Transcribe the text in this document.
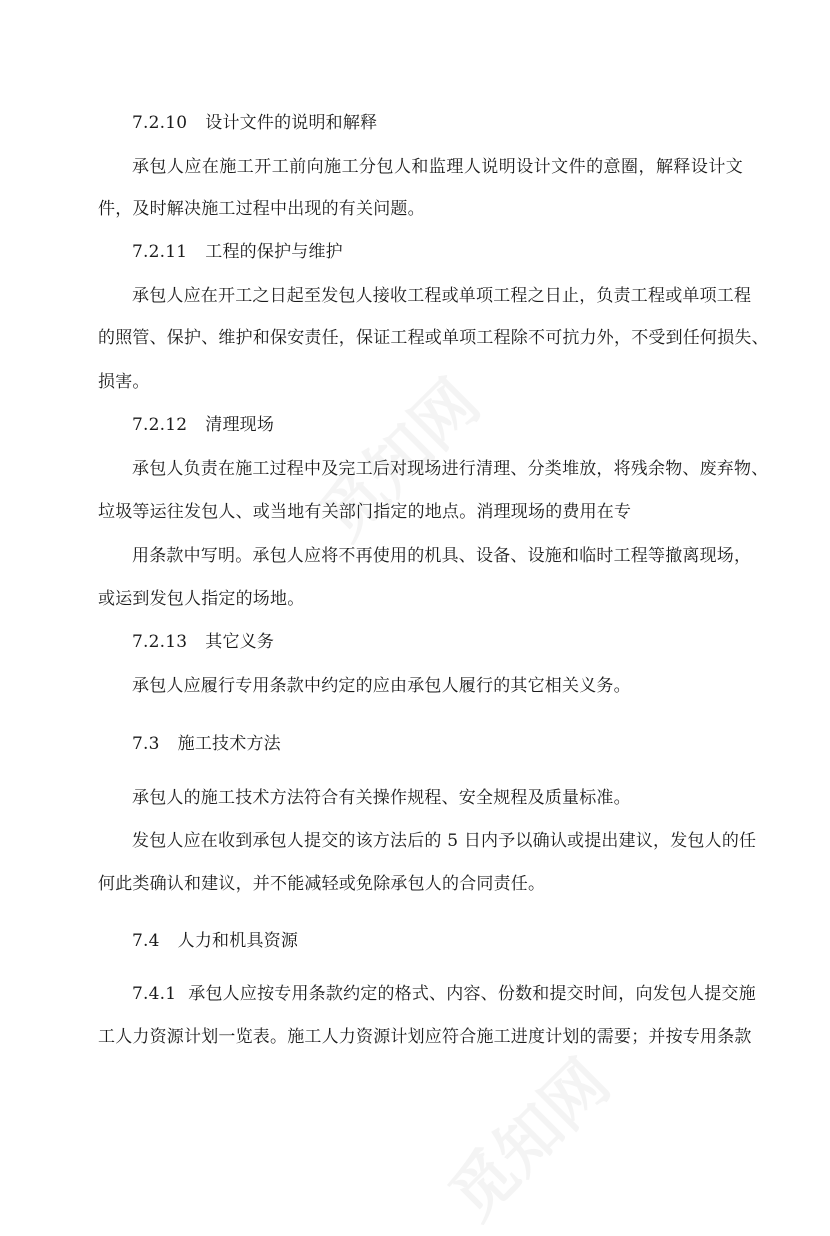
7.2.10 设计文件的说明和解释
承包人应在施工开工前向施工分包人和监理人说明设计文件的意圈，解释设计文
件，及时解决施工过程中出现的有关问题。
7.2.11 工程的保护与维护
承包人应在开工之日起至发包人接收工程或单项工程之日止，负责工程或单项工程
的照管、保护、维护和保安责任，保证工程或单项工程除不可抗力外，不受到任何损失、
损害。
7.2.12 清理现场
承包人负责在施工过程中及完工后对现场进行清理、分类堆放，将残余物、废弃物、
垃圾等运往发包人、或当地有关部门指定的地点。消理现场的费用在专
用条款中写明。承包人应将不再使用的机具、设备、设施和临时工程等撤离现场，
或运到发包人指定的场地。
7.2.13 其它义务
承包人应履行专用条款中约定的应由承包人履行的其它相关义务。
7.3 施工技术方法
承包人的施工技术方法符合有关操作规程、安全规程及质量标准。
发包人应在收到承包人提交的该方法后的 5 日内予以确认或提出建议，发包人的任
何此类确认和建议，并不能减轻或免除承包人的合同责任。
7.4 人力和机具资源
7.4.1 承包人应按专用条款约定的格式、内容、份数和提交时间，向发包人提交施
工人力资源计划一览表。施工人力资源计划应符合施工进度计划的需要；并按专用条款
